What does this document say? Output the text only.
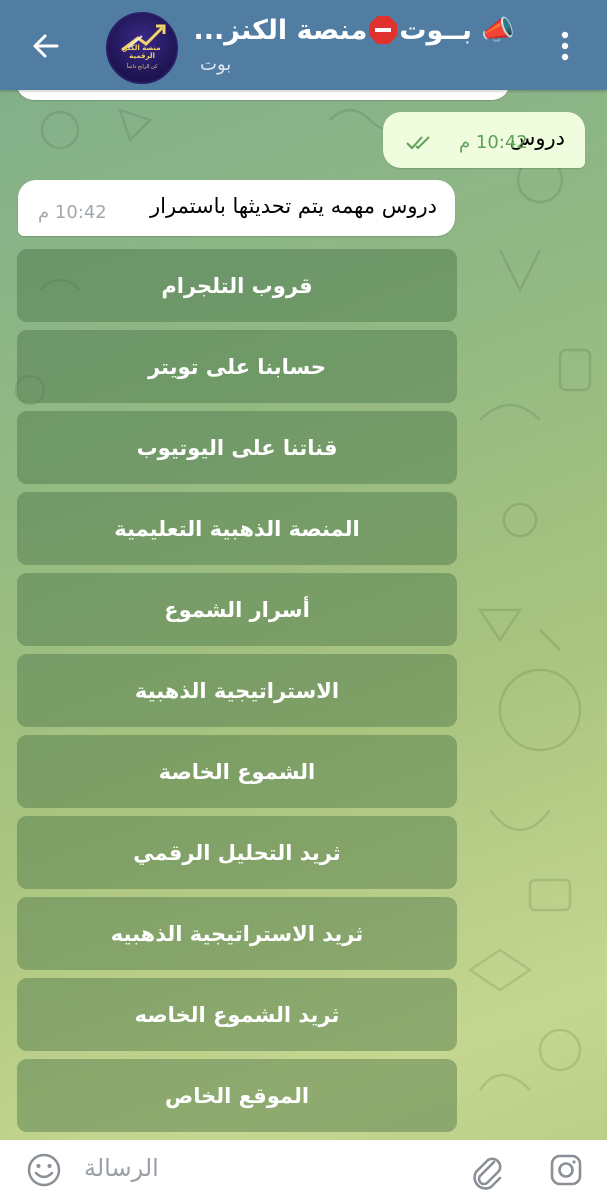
منصة الكنز الرقمية
كن الرابح دائماً
📣 بــوت
منصة الكنز...
بوت
دروس
10:42 م
دروس مهمه يتم تحديثها باستمرار
10:42 م
قروب التلجرام
حسابنا على تويتر
قناتنا على اليوتيوب
المنصة الذهبية التعليمية
أسرار الشموع
الاستراتيجية الذهبية
الشموع الخاصة
ثريد التحليل الرقمي
ثريد الاستراتيجية الذهبيه
ثريد الشموع الخاصه
الموقع الخاص
الرسالة
